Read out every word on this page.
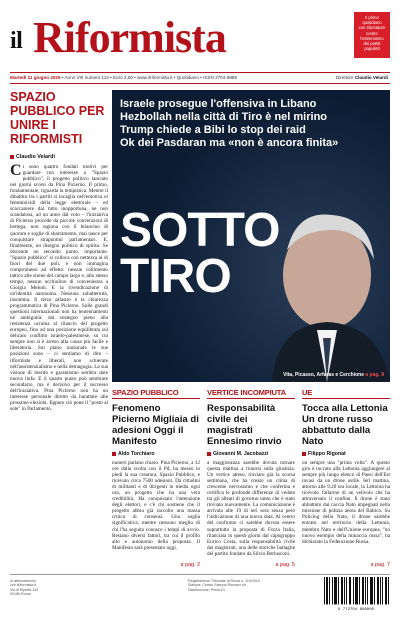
il Riformista	Il primo quotidiano
con sfumature
contro
l'estremismo
dei partiti
populisti
Martedì 11 giugno 2025 • Anno VIII numero 113 • Euro 2,00 • www.ilriformista.it • Quotidiano • ISSN 2704-6885	Direttore Claudio Velardi
SPAZIO PUBBLICO PER UNIRE I RIFORMISTI
Claudio Velardi
C i sono quattro fondati motivi per guardare con interesse a "Spazio pubblico", il progetto politico lanciato nei giorni scorsi da Pina Picierno. Il primo, fondamentale, riguarda la tempistica. Mentre il dibattito tra i partiti si incaglia nell'emotiva ei femminicidi della legge elettorale – ed scaccaniere dal tutto inopportuna, ne non scandalosa, ad un anno dal voto – l'iniziativa di Picierno procede da piccole convenzioni di bottega, non ragiona con il bilancino di quorum e soglie di sbarramento, mai nasce per conquistare strapuntini parlamentari. E, finalmente, un disegno politico di spirito. Se discende un secondo punto, importante. "Spazio pubblico" si colloca con nettezza ai di fuori del due poli, e non immagina compromessi ad effetto: nessun collimento tattico alle sirene del campo largo e, allo stesso tempo, nessun occhiolino di convenienza a Giorgia Meloni. E la rivendicazione di un'identità autonoma. Nessuna subalternità, insomma. Il terzo pilastro è la chiarezza programmatica di Pina Picierno. Sulle grandi questioni internazionali non ha tentennamenti né ambiguità: dal sostegno pieno alla resistenza ucraina al rilancio del progetto europeo, fino ad una posizione equilibrata sul delicato conflitto israelo-palestinese, su cui sempre non si è arreso alla causa più facile e liberatoria. Sul piano nazionale le sue posizioni sono – ci sentiamo di dire – riformiste e liberali, non schierate nell'assistenzialismo e nella demagogia. La sua visione di merito e garantismo sembra dare nuova linfa. E il quarto punto può sembrare secondario, ma è decisivo per il successo dell'iniziativa. Pina Picierno non ha un interesse personale diretto da barattare alle prossime elezioni. Eppure ciò pone il "posto al sole" in Parlamento.
Israele prosegue l'offensiva in Libano
Hezbollah nella città di Tiro è nel mirino
Trump chiede a Bibi lo stop dei raid
Ok dei Pasdaran ma «non è ancora finita»
SOTTO TIRO
Vita, Picasso, Arfaras e Cerchione a pag. 8
SPAZIO PUBBLICO
Fenomeno Picierno Migliaia di adesioni Oggi il Manifesto
Aldo Torchiaro
numeri parlano chiaro. Pina Picierno, a 12 ore dalla svolta con il Pd, ha messo in piedi la sua creatura, Spazio Pubblico, e ricevuto circa 7500 adesioni. Da cittadini di militanti e di dirigenti in media ogni ora, un progetto che ha una vera credibilità. Ha conquistato l'attenzione degli elettori, e c'è chi sostiene che il progetto abbia già raccolto una massa critica di consensi. Una soglia significativa, mentre nessuno meglio di chi l'ha seguita conosce i tempi di avvio. Restano diversi fattori, tra cui il profilo alto e autonomo della proposta. Il Manifesto sarà presentato oggi.
a pag. 2
VERTICE INCOMPIUTA
Responsabilità civile dei magistrati Ennesimo rinvio
Giovanni M. Jacobazzi
a maggioranza sarebbe dovuta tornare questa mattina a riunirsi sulla giustizia. Un vertice atteso, rinviato già la scorsa settimana, che ha creato un clima di crescente nervosismo e che conferma e certifica le profonde differenze di vedute tra gli alleati di governo tanto che è stato rinviato nuovamente. La comunicazione è arrivata alle 19 di ieri sera senza però l'indicazione di una nuova data. Al centro del confronto ci sarebbe dovuta essere soprattutto la proposta di Forza Italia, rilanciata in questi giorni dal capogruppo Enrico Costa, sulla responsabilità civile dei magistrati, una delle storiche battaglie del partito fondato da Silvio Berlusconi.
a pag. 5
UE
Tocca alla Lettonia Un drone russo abbattuto dalla Nato
Filippo Rigonat
on sempre una "prima volta". A questo giro è toccato alla Lettonia aggiungere al sempre più lungo elenco di Paesi dell'Est invasi da un drone ostile. Ieri mattina, attorno alle 9:20 ora locale, la Lettonia ha ricevuto l'allarme di un velivolo che ha attraversato il confine. Il drone è stato abbattuto dai caccia Nato impegnati nella missione di polizia aerea del Baltico. Su Policing della Nato, il drone sarebbe entrato nel territorio della Lettonia, membro Nato e dell'Unione europea, "un nuovo esempio della minaccia russa", ha dichiarato la Federazione Russa.
a pag. 7
In abbonamento
con ilriformista.it
Via di Ripetta 142
00186 Roma
Registrazione Tribunale di Roma n. 119/2019
Stampa: Centro Stampa Romano srl
Distribuzione: Press-Di
9 772704 688005
